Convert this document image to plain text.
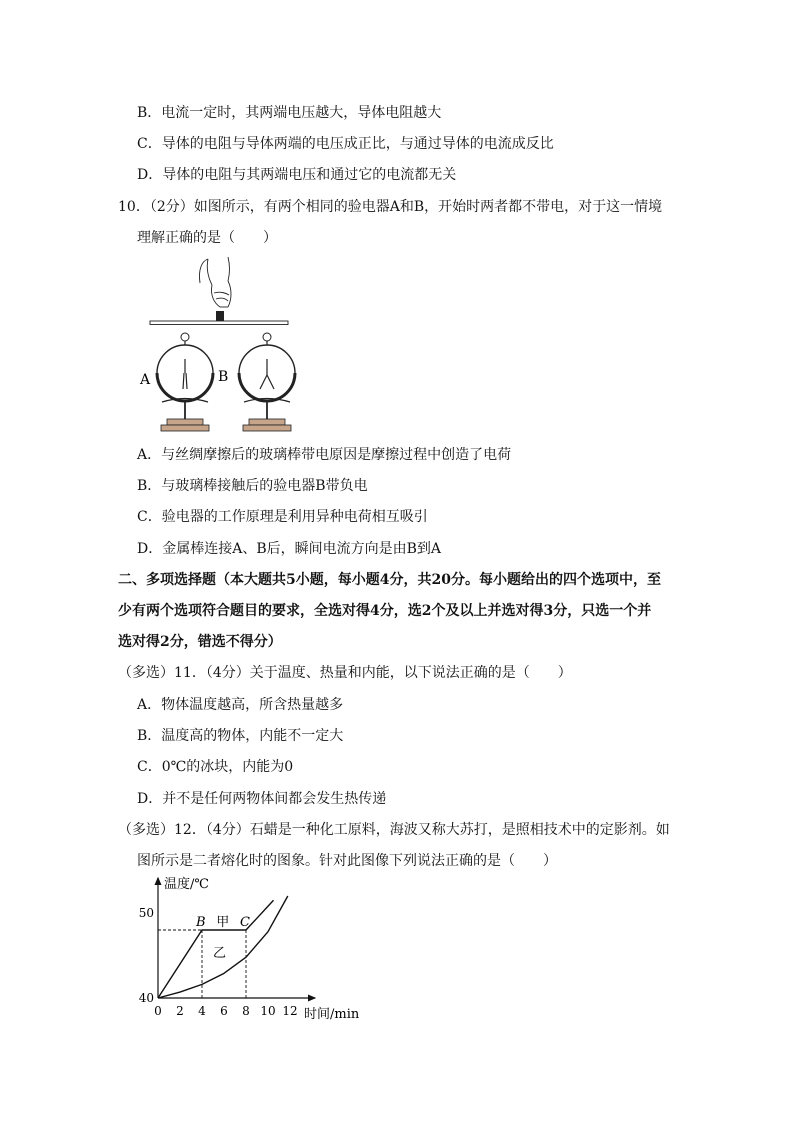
B．电流一定时，其两端电压越大，导体电阻越大
C．导体的电阻与导体两端的电压成正比，与通过导体的电流成反比
D．导体的电阻与其两端电压和通过它的电流都无关
10．（2分）如图所示，有两个相同的验电器A和B，开始时两者都不带电，对于这一情境
理解正确的是（　　）
A	B
A．与丝绸摩擦后的玻璃棒带电原因是摩擦过程中创造了电荷
B．与玻璃棒接触后的验电器B带负电
C．验电器的工作原理是利用异种电荷相互吸引
D．金属棒连接A、B后，瞬间电流方向是由B到A
二、多项选择题（本大题共5小题，每小题4分，共20分。每小题给出的四个选项中，至
少有两个选项符合题目的要求，全选对得4分，选2个及以上并选对得3分，只选一个并
选对得2分，错选不得分）
（多选）11．（4分）关于温度、热量和内能，以下说法正确的是（　　）
A．物体温度越高，所含热量越多
B．温度高的物体，内能不一定大
C．0℃的冰块，内能为0
D．并不是任何两物体间都会发生热传递
（多选）12．（4分）石蜡是一种化工原料，海波又称大苏打，是照相技术中的定影剂。如
图所示是二者熔化时的图象。针对此图像下列说法正确的是（　　）
温度/℃
时间/min
0 2 4 6 8 10 12
40
50
B	C
甲
乙
